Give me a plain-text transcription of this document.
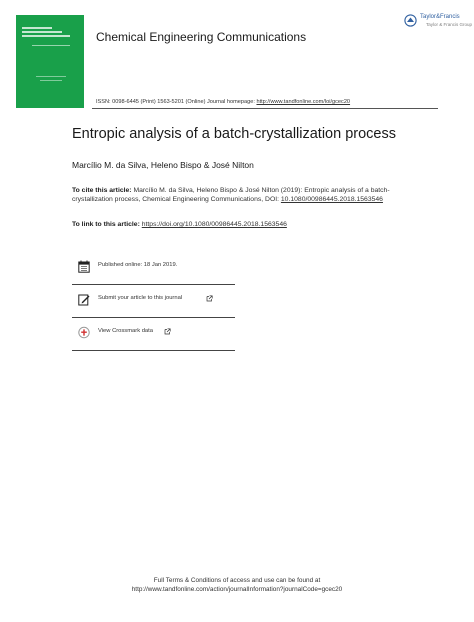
Chemical Engineering Communications
Taylor&Francis
Taylor & Francis Group
ISSN: 0098-6445 (Print) 1563-5201 (Online) Journal homepage: http://www.tandfonline.com/loi/gcec20
Entropic analysis of a batch-crystallization process
Marcílio M. da Silva, Heleno Bispo & José Nilton
To cite this article: Marcílio M. da Silva, Heleno Bispo & José Nilton (2019): Entropic analysis of a batch-crystallization process, Chemical Engineering Communications, DOI: 10.1080/00986445.2018.1563546
To link to this article: https://doi.org/10.1080/00986445.2018.1563546
Published online: 18 Jan 2019.
Submit your article to this journal
View Crossmark data
Full Terms & Conditions of access and use can be found at
http://www.tandfonline.com/action/journalInformation?journalCode=gcec20
